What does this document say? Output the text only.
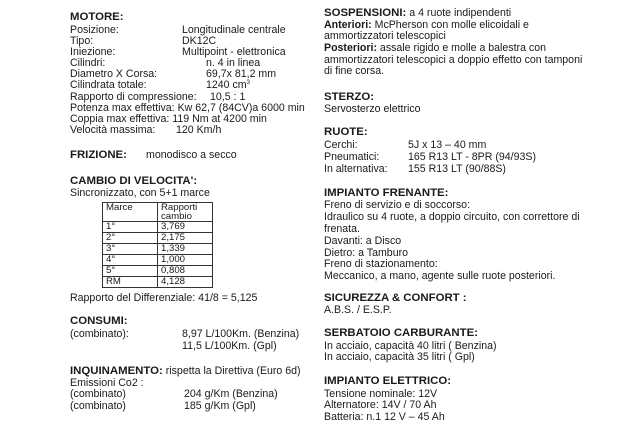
MOTORE:
Posizione:	Longitudinale centrale
Tipo:	DK12C
Iniezione:	Multipoint - elettronica
Cilindri:	n. 4 in linea
Diametro X Corsa:	69,7x 81,2 mm
Cilindrata totale:	1240 $cm^3$
Rapporto di compressione: 10,5 : 1
Potenza max effettiva: Kw 62,7 (84CV)a 6000 min
Coppia max effettiva: 119 Nm at 4200 min
Velocità massima: 120 Km/h
FRIZIONE: monodisco a secco
CAMBIO DI VELOCITA':
Sincronizzato, con 5+1 marce
Marce	Rapporti cambio
1°	3,769
2°	2,175
3°	1,339
4°	1,000
5°	0,808
RM	4,128
Rapporto del Differenziale: 41/8 = 5,125
CONSUMI:
(combinato):	8,97 L/100Km. (Benzina)
11,5 L/100Km. (Gpl)
INQUINAMENTO: rispetta la Direttiva (Euro 6d)
Emissioni Co2 :
(combinato)	204 g/Km (Benzina)
(combinato)	185 g/Km (Gpl)
SOSPENSIONI: a 4 ruote indipendenti
Anteriori: McPherson con molle elicoidali e
ammortizzatori telescopici
Posteriori: assale rigido e molle a balestra con
ammortizzatori telescopici a doppio effetto con tamponi
di fine corsa.
STERZO:
Servosterzo elettrico
RUOTE:
Cerchi:	5J x 13 – 40 mm
Pneumatici:	165 R13 LT - 8PR (94/93S)
In alternativa: 155 R13 LT (90/88S)
IMPIANTO FRENANTE:
Freno di servizio e di soccorso:
Idraulico su 4 ruote, a doppio circuito, con correttore di
frenata.
Davanti: a Disco
Dietro: a Tamburo
Freno di stazionamento:
Meccanico, a mano, agente sulle ruote posteriori.
SICUREZZA & CONFORT :
A.B.S. / E.S.P.
SERBATOIO CARBURANTE:
In acciaio, capacità 40 litri ( Benzina)
In acciaio, capacità 35 litri ( Gpl)
IMPIANTO ELETTRICO:
Tensione nominale: 12V
Alternatore: 14V / 70 Ah
Batteria: n.1 12 V – 45 Ah
